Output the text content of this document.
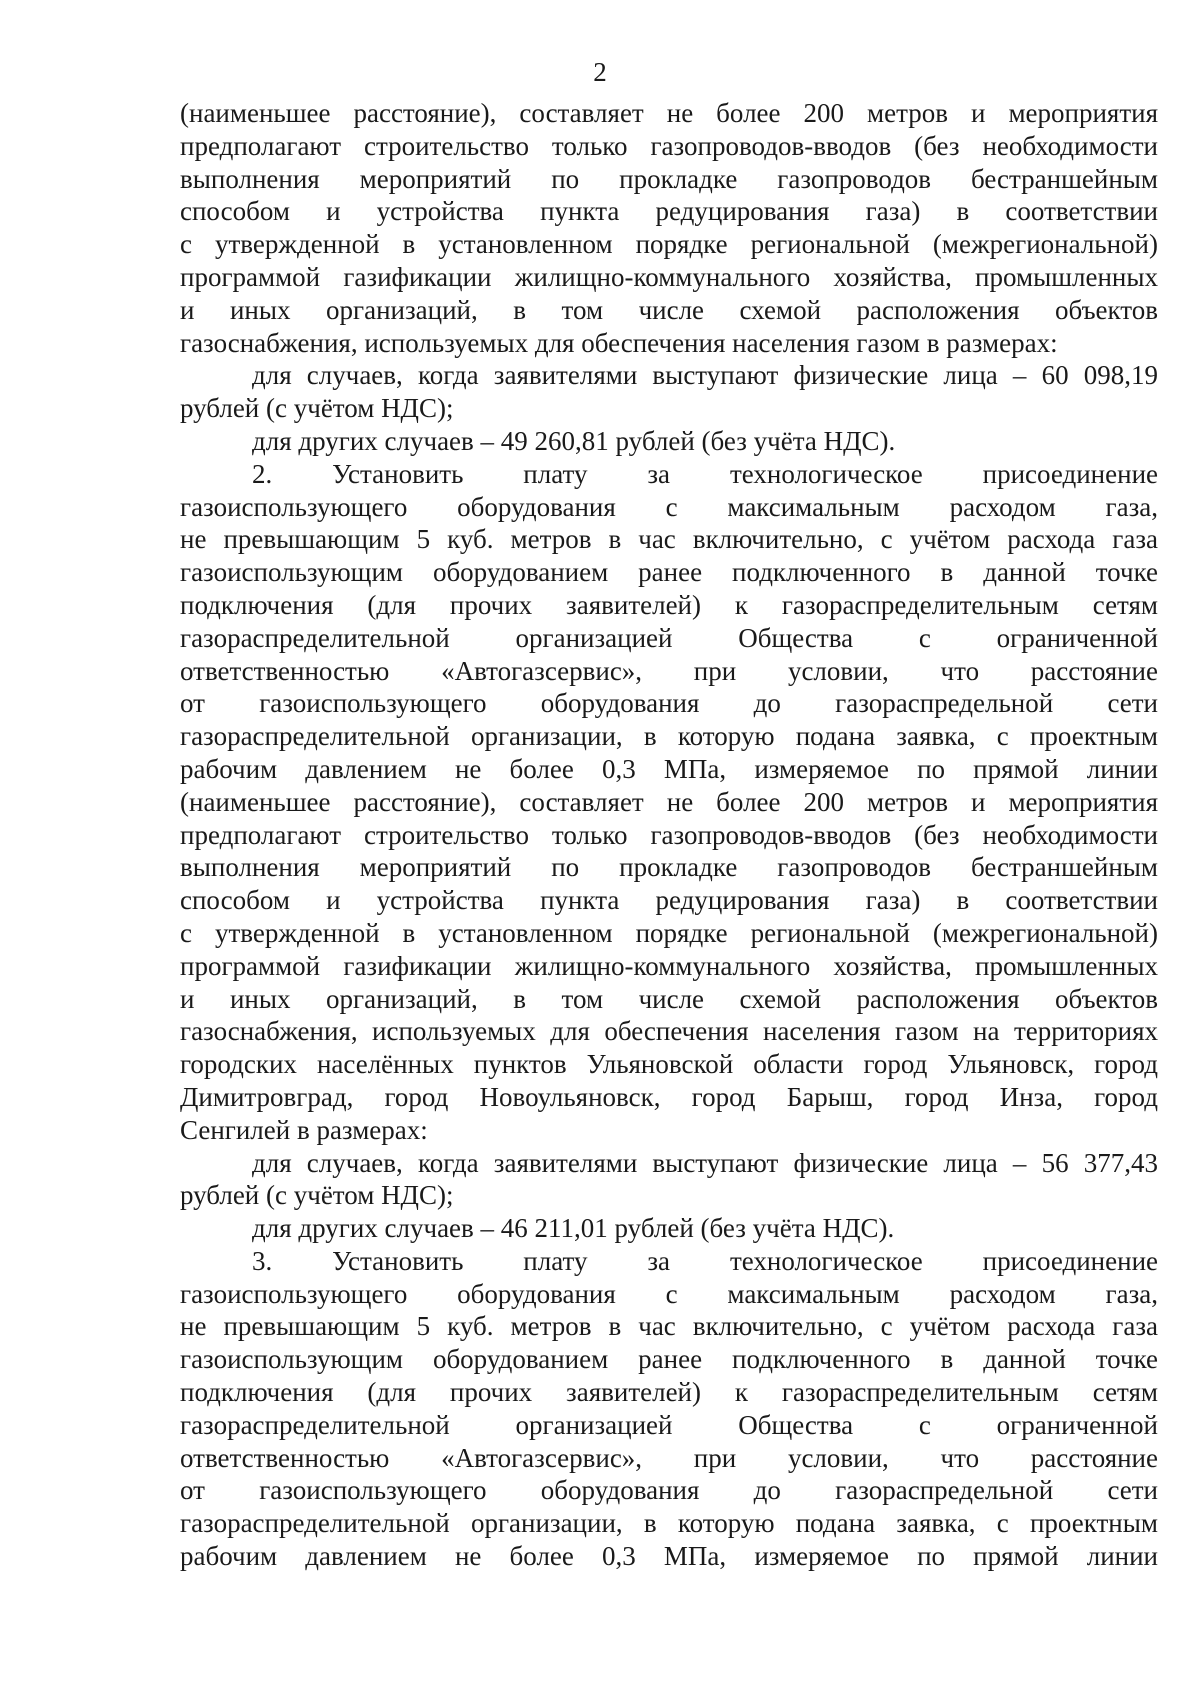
2

(наименьшее расстояние), составляет не более 200 метров и мероприятия
предполагают строительство только газопроводов-вводов (без необходимости
выполнения мероприятий по прокладке газопроводов бестраншейным
способом и устройства пункта редуцирования газа) в соответствии
с утвержденной в установленном порядке региональной (межрегиональной)
программой газификации жилищно-коммунального хозяйства, промышленных
и иных организаций, в том числе схемой расположения объектов
газоснабжения, используемых для обеспечения населения газом в размерах:

для случаев, когда заявителями выступают физические лица – 60 098,19
рублей (с учётом НДС);

для других случаев – 49 260,81 рублей (без учёта НДС).

2. Установить плату за технологическое присоединение
газоиспользующего оборудования с максимальным расходом газа,
не превышающим 5 куб. метров в час включительно, с учётом расхода газа
газоиспользующим оборудованием ранее подключенного в данной точке
подключения (для прочих заявителей) к газораспределительным сетям
газораспределительной организацией Общества с ограниченной
ответственностью «Автогазсервис», при условии, что расстояние
от газоиспользующего оборудования до газораспредельной сети
газораспределительной организации, в которую подана заявка, с проектным
рабочим давлением не более 0,3 МПа, измеряемое по прямой линии
(наименьшее расстояние), составляет не более 200 метров и мероприятия
предполагают строительство только газопроводов-вводов (без необходимости
выполнения мероприятий по прокладке газопроводов бестраншейным
способом и устройства пункта редуцирования газа) в соответствии
с утвержденной в установленном порядке региональной (межрегиональной)
программой газификации жилищно-коммунального хозяйства, промышленных
и иных организаций, в том числе схемой расположения объектов
газоснабжения, используемых для обеспечения населения газом на территориях
городских населённых пунктов Ульяновской области город Ульяновск, город
Димитровград, город Новоульяновск, город Барыш, город Инза, город
Сенгилей в размерах:

для случаев, когда заявителями выступают физические лица – 56 377,43
рублей (с учётом НДС);

для других случаев – 46 211,01 рублей (без учёта НДС).

3. Установить плату за технологическое присоединение
газоиспользующего оборудования с максимальным расходом газа,
не превышающим 5 куб. метров в час включительно, с учётом расхода газа
газоиспользующим оборудованием ранее подключенного в данной точке
подключения (для прочих заявителей) к газораспределительным сетям
газораспределительной организацией Общества с ограниченной
ответственностью «Автогазсервис», при условии, что расстояние
от газоиспользующего оборудования до газораспредельной сети
газораспределительной организации, в которую подана заявка, с проектным
рабочим давлением не более 0,3 МПа, измеряемое по прямой линии
